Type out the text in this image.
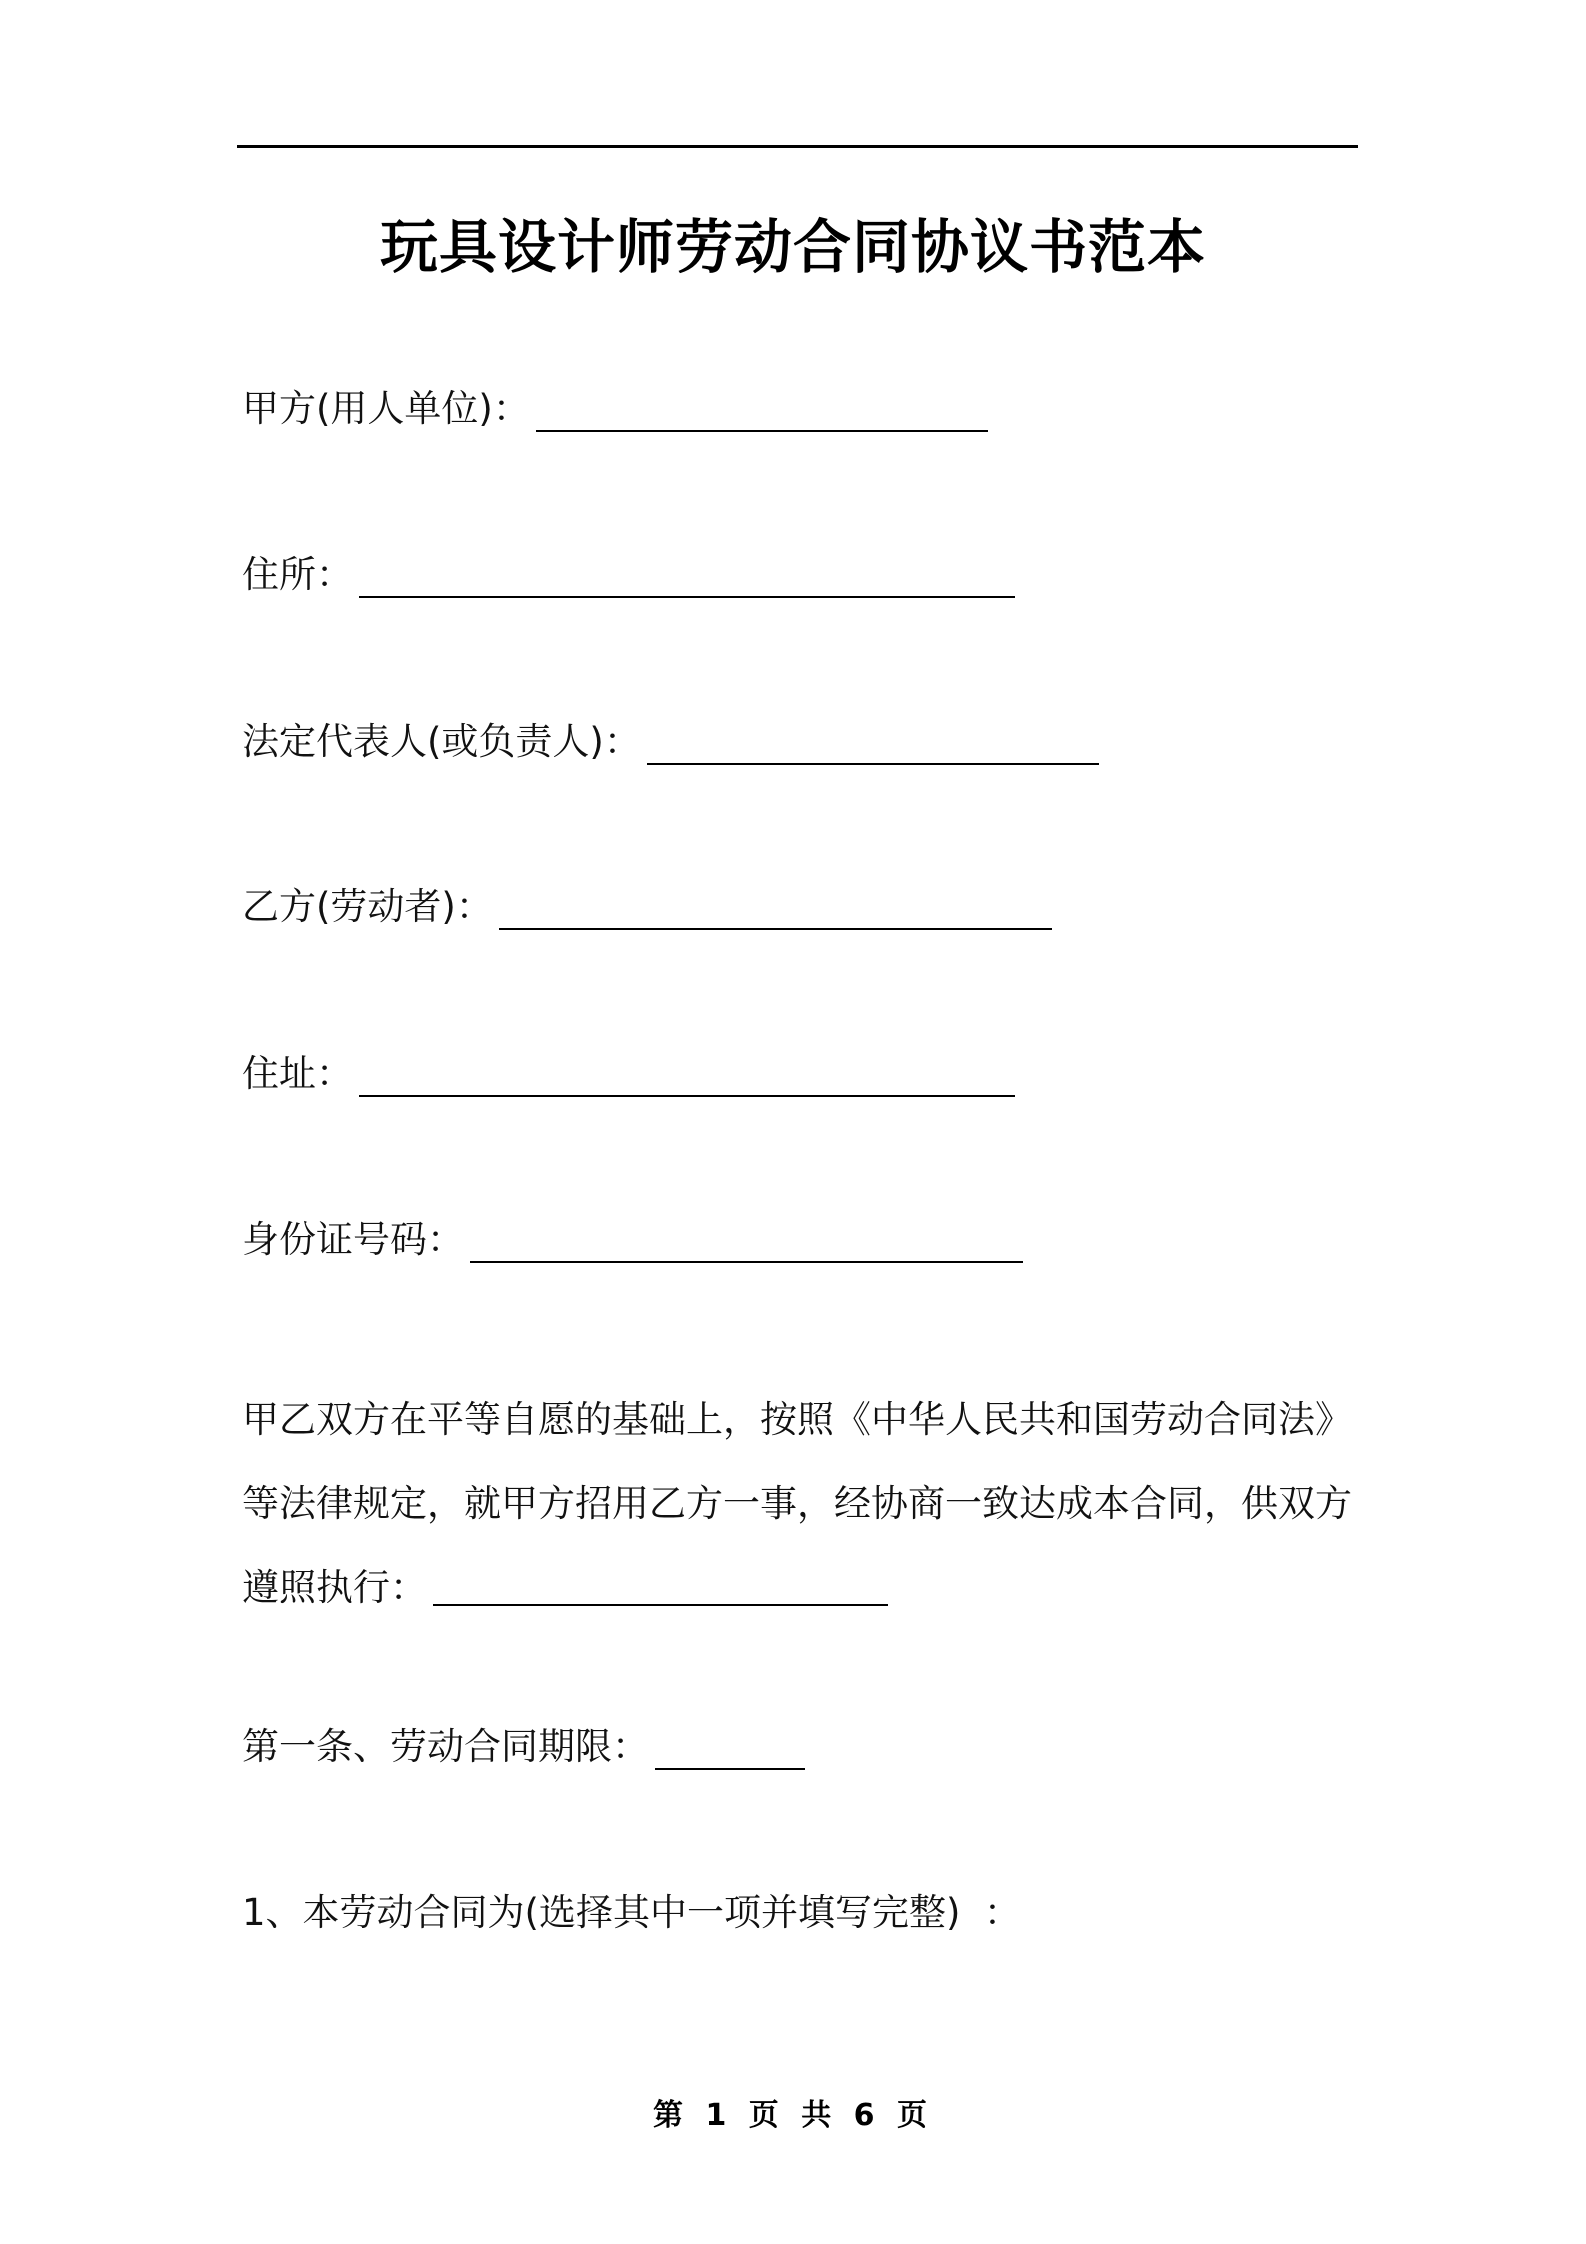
玩具设计师劳动合同协议书范本
甲方(用人单位)：
住所：
法定代表人(或负责人)：
乙方(劳动者)：
住址：
身份证号码：

甲乙双方在平等自愿的基础上，按照《中华人民共和国劳动合同法》等法律规定，就甲方招用乙方一事，经协商一致达成本合同，供双方遵照执行：

第一条、劳动合同期限：
1、本劳动合同为(选择其中一项并填写完整)  ：
第 1 页 共 6 页
